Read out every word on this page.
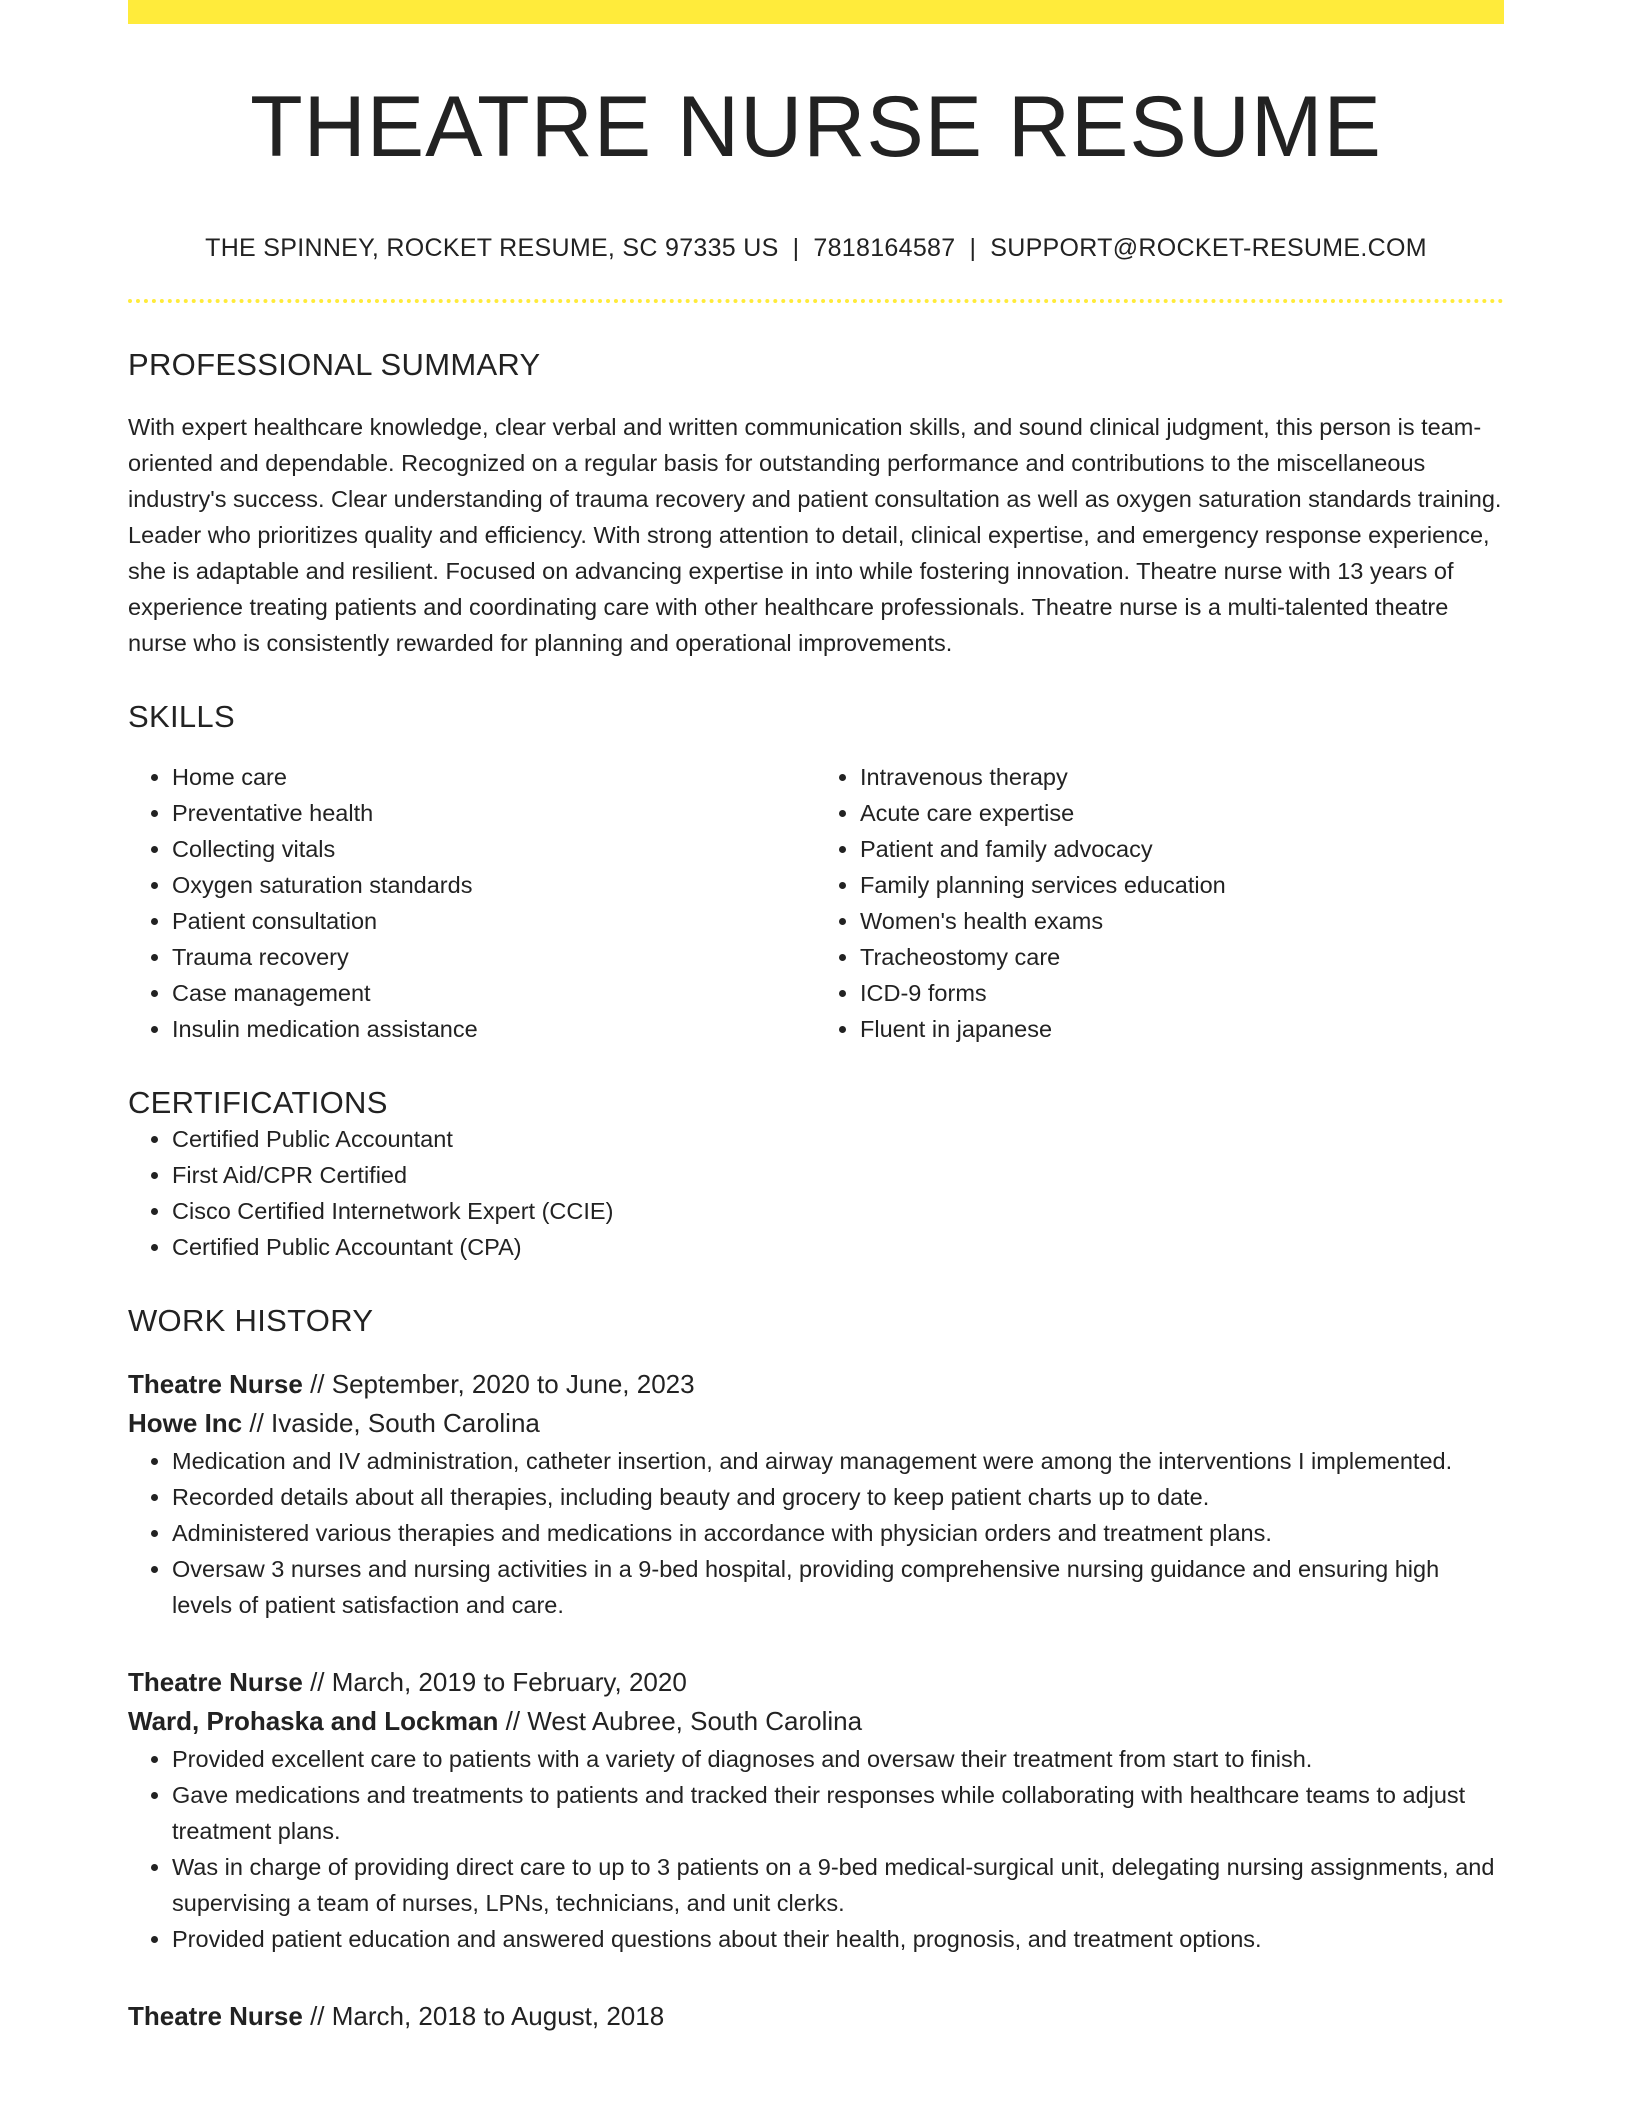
THEATRE NURSE RESUME
THE SPINNEY, ROCKET RESUME, SC 97335 US | 7818164587 | SUPPORT@ROCKET-RESUME.COM
PROFESSIONAL SUMMARY
With expert healthcare knowledge, clear verbal and written communication skills, and sound clinical judgment, this person is team-oriented and dependable. Recognized on a regular basis for outstanding performance and contributions to the miscellaneous industry's success. Clear understanding of trauma recovery and patient consultation as well as oxygen saturation standards training. Leader who prioritizes quality and efficiency. With strong attention to detail, clinical expertise, and emergency response experience, she is adaptable and resilient. Focused on advancing expertise in into while fostering innovation. Theatre nurse with 13 years of experience treating patients and coordinating care with other healthcare professionals. Theatre nurse is a multi-talented theatre nurse who is consistently rewarded for planning and operational improvements.
SKILLS
• Home care
• Preventative health
• Collecting vitals
• Oxygen saturation standards
• Patient consultation
• Trauma recovery
• Case management
• Insulin medication assistance
• Intravenous therapy
• Acute care expertise
• Patient and family advocacy
• Family planning services education
• Women's health exams
• Tracheostomy care
• ICD-9 forms
• Fluent in japanese
CERTIFICATIONS
• Certified Public Accountant
• First Aid/CPR Certified
• Cisco Certified Internetwork Expert (CCIE)
• Certified Public Accountant (CPA)
WORK HISTORY
Theatre Nurse // September, 2020 to June, 2023
Howe Inc // Ivaside, South Carolina
• Medication and IV administration, catheter insertion, and airway management were among the interventions I implemented.
• Recorded details about all therapies, including beauty and grocery to keep patient charts up to date.
• Administered various therapies and medications in accordance with physician orders and treatment plans.
• Oversaw 3 nurses and nursing activities in a 9-bed hospital, providing comprehensive nursing guidance and ensuring high levels of patient satisfaction and care.
Theatre Nurse // March, 2019 to February, 2020
Ward, Prohaska and Lockman // West Aubree, South Carolina
• Provided excellent care to patients with a variety of diagnoses and oversaw their treatment from start to finish.
• Gave medications and treatments to patients and tracked their responses while collaborating with healthcare teams to adjust treatment plans.
• Was in charge of providing direct care to up to 3 patients on a 9-bed medical-surgical unit, delegating nursing assignments, and supervising a team of nurses, LPNs, technicians, and unit clerks.
• Provided patient education and answered questions about their health, prognosis, and treatment options.
Theatre Nurse // March, 2018 to August, 2018
